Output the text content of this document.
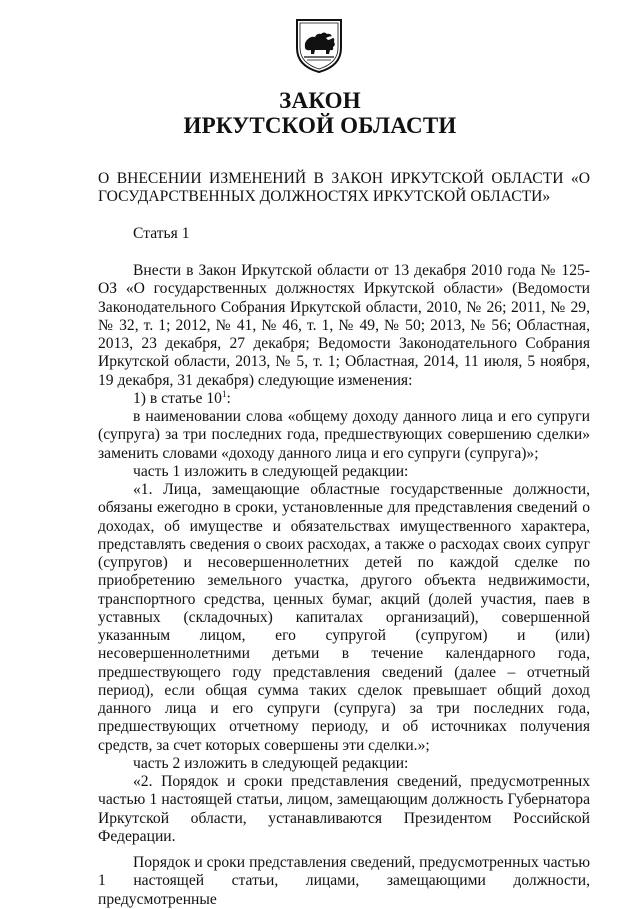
ЗАКОН
ИРКУТСКОЙ ОБЛАСТИ
О ВНЕСЕНИИ ИЗМЕНЕНИЙ В ЗАКОН ИРКУТСКОЙ ОБЛАСТИ «О ГОСУДАРСТВЕННЫХ ДОЛЖНОСТЯХ ИРКУТСКОЙ ОБЛАСТИ»
Статья 1

Внести в Закон Иркутской области от 13 декабря 2010 года № 125-ОЗ «О государственных должностях Иркутской области» (Ведомости Законодательного Собрания Иркутской области, 2010, № 26; 2011, № 29, № 32, т. 1; 2012, № 41, № 46, т. 1, № 49, № 50; 2013, № 56; Областная, 2013, 23 декабря, 27 декабря; Ведомости Законодательного Собрания Иркутской области, 2013, № 5, т. 1; Областная, 2014, 11 июля, 5 ноября, 19 декабря, 31 декабря) следующие изменения:

1) в статье $10^1$:

в наименовании слова «общему доходу данного лица и его супруги (супруга) за три последних года, предшествующих совершению сделки» заменить словами «доходу данного лица и его супруги (супруга)»;

часть 1 изложить в следующей редакции:

«1. Лица, замещающие областные государственные должности, обязаны ежегодно в сроки, установленные для представления сведений о доходах, об имуществе и обязательствах имущественного характера, представлять сведения о своих расходах, а также о расходах своих супруг (супругов) и несовершеннолетних детей по каждой сделке по приобретению земельного участка, другого объекта недвижимости, транспортного средства, ценных бумаг, акций (долей участия, паев в уставных (складочных) капиталах организаций), совершенной указанным лицом, его супругой (супругом) и (или) несовершеннолетними детьми в течение календарного года, предшествующего году представления сведений (далее – отчетный период), если общая сумма таких сделок превышает общий доход данного лица и его супруги (супруга) за три последних года, предшествующих отчетному периоду, и об источниках получения средств, за счет которых совершены эти сделки.»;

часть 2 изложить в следующей редакции:

«2. Порядок и сроки представления сведений, предусмотренных частью 1 настоящей статьи, лицом, замещающим должность Губернатора Иркутской области, устанавливаются Президентом Российской Федерации.

Порядок и сроки представления сведений, предусмотренных частью 1 настоящей статьи, лицами, замещающими должности, предусмотренные
